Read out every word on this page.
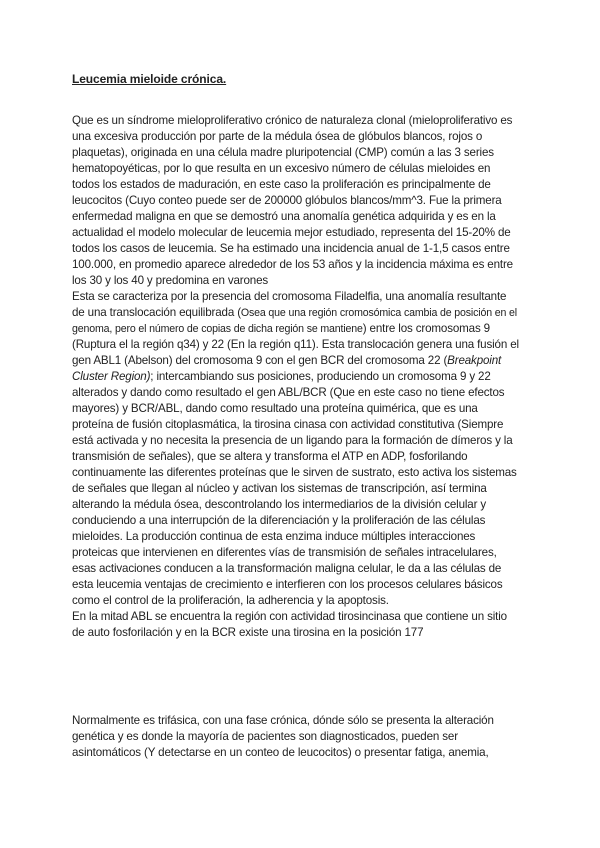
Leucemia mieloide crónica.

Que es un síndrome mieloproliferativo crónico de naturaleza clonal (mieloproliferativo es una excesiva producción por parte de la médula ósea de glóbulos blancos, rojos o plaquetas), originada en una célula madre pluripotencial (CMP) común a las 3 series hematopoyéticas, por lo que resulta en un excesivo número de células mieloides en todos los estados de maduración, en este caso la proliferación es principalmente de leucocitos (Cuyo conteo puede ser de 200000 glóbulos blancos/mm^3. Fue la primera enfermedad maligna en que se demostró una anomalía genética adquirida y es en la actualidad el modelo molecular de leucemia mejor estudiado, representa del 15-20% de todos los casos de leucemia. Se ha estimado una incidencia anual de 1-1,5 casos entre 100.000, en promedio aparece alrededor de los 53 años y la incidencia máxima es entre los 30 y los 40 y predomina en varones

Esta se caracteriza por la presencia del cromosoma Filadelfia, una anomalía resultante de una translocación equilibrada (Osea que una región cromosómica cambia de posición en el genoma, pero el número de copias de dicha región se mantiene) entre los cromosomas 9 (Ruptura el la región q34) y 22 (En la región q11). Esta translocación genera una fusión el gen ABL1 (Abelson) del cromosoma 9 con el gen BCR del cromosoma 22 (Breakpoint Cluster Region); intercambiando sus posiciones, produciendo un cromosoma 9 y 22 alterados y dando como resultado el gen ABL/BCR (Que en este caso no tiene efectos mayores) y BCR/ABL, dando como resultado una proteína quimérica, que es una proteína de fusión citoplasmática, la tirosina cinasa con actividad constitutiva (Siempre está activada y no necesita la presencia de un ligando para la formación de dímeros y la transmisión de señales), que se altera y transforma el ATP en ADP, fosforilando continuamente las diferentes proteínas que le sirven de sustrato, esto activa los sistemas de señales que llegan al núcleo y activan los sistemas de transcripción, así termina alterando la médula ósea, descontrolando los intermediarios de la división celular y conduciendo a una interrupción de la diferenciación y la proliferación de las células mieloides. La producción continua de esta enzima induce múltiples interacciones proteicas que intervienen en diferentes vías de transmisión de señales intracelulares, esas activaciones conducen a la transformación maligna celular, le da a las células de esta leucemia ventajas de crecimiento e interfieren con los procesos celulares básicos como el control de la proliferación, la adherencia y la apoptosis.

En la mitad ABL se encuentra la región con actividad tirosincinasa que contiene un sitio de auto fosforilación y en la BCR existe una tirosina en la posición 177

Normalmente es trifásica, con una fase crónica, dónde sólo se presenta la alteración genética y es donde la mayoría de pacientes son diagnosticados, pueden ser asintomáticos (Y detectarse en un conteo de leucocitos) o presentar fatiga, anemia,
